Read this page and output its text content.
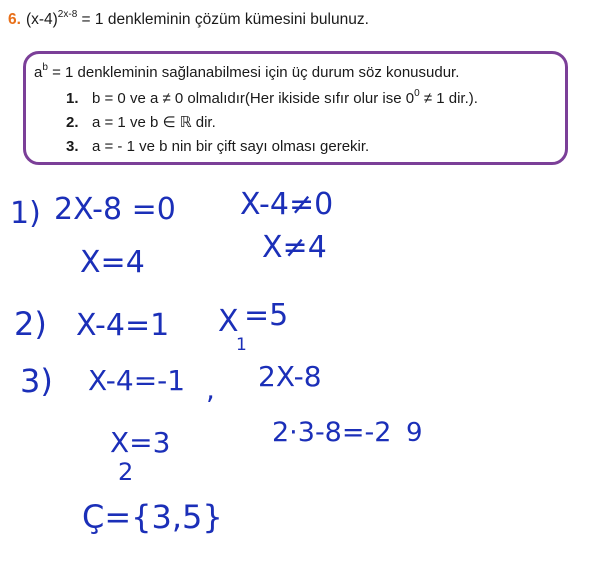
6. $(x-4)^{2x-8} = 1$ denkleminin çözüm kümesini bulunuz.
$a^b = 1$ denkleminin sağlanabilmesi için üç durum söz konusudur.
1. b = 0 ve a ≠ 0 olmalıdır(Her ikiside sıfır olur ise $0^0 \ne 1$ dir.).
2. a = 1 ve b ∈ ℝ dir.
3. a = - 1 ve b nin bir çift sayı olması gerekir.
1) 2X-8 =0 X-4≠0
X=4	X≠4
2) X-4=1 X
1
=5
3) X-4=-1 , 2X-8
X=3
2
2·3-8=-2 9
Ç={3,5}
